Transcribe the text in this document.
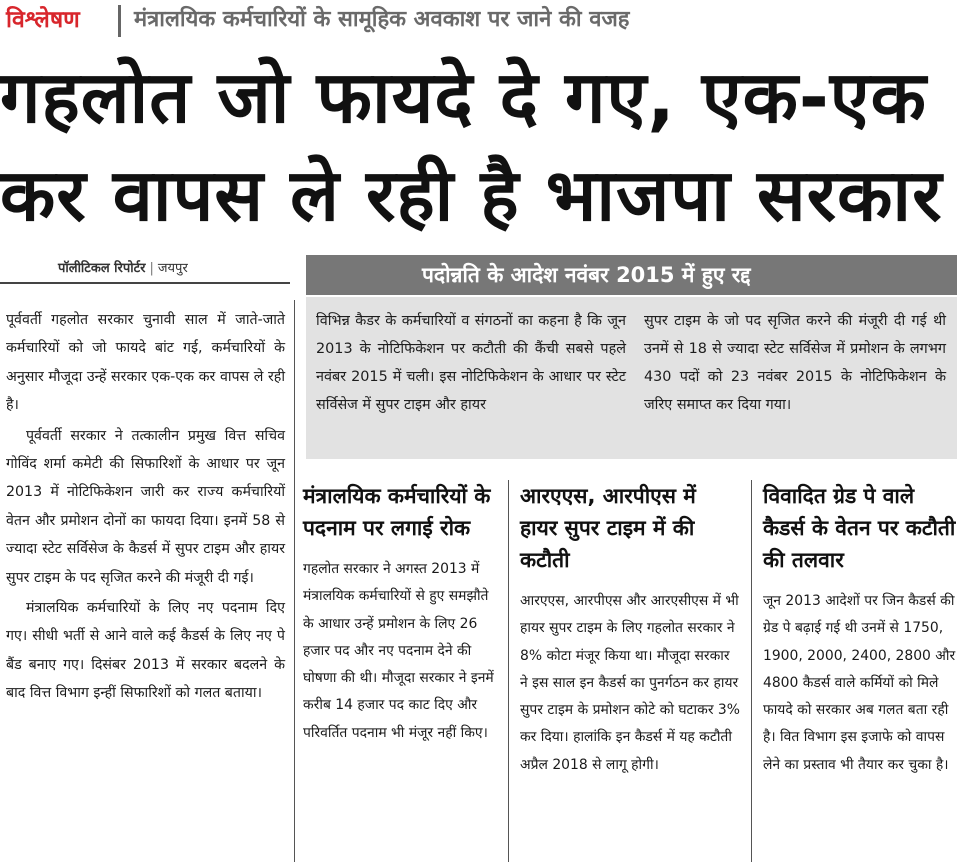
विश्लेषण मंत्रालयिक कर्मचारियों के सामूहिक अवकाश पर जाने की वजह
गहलोत जो फायदे दे गए, एक-एक
कर वापस ले रही है भाजपा सरकार
पॉलीटिकल रिपोर्टर | जयपुर	पदोन्नति के आदेश नवंबर 2015 में हुए रद्द

विभिन्न कैडर के कर्मचारियों व संगठनों का कहना है कि जून 2013 के नोटिफिकेशन पर कटौती की कैंची सबसे पहले नवंबर 2015 में चली। इस नोटिफिकेशन के आधार पर स्टेट सर्विसेज में सुपर टाइम और हायर

सुपर टाइम के जो पद सृजित करने की मंजूरी दी गई थी उनमें से 18 से ज्यादा स्टेट सर्विसेज में प्रमोशन के लगभग 430 पदों को 23 नवंबर 2015 के नोटिफिकेशन के जरिए समाप्त कर दिया गया।

पूर्ववर्ती गहलोत सरकार चुनावी साल में जाते-जाते कर्मचारियों को जो फायदे बांट गई, कर्मचारियों के अनुसार मौजूदा उन्हें सरकार एक-एक कर वापस ले रही है।

पूर्ववर्ती सरकार ने तत्कालीन प्रमुख वित्त सचिव गोविंद शर्मा कमेटी की सिफारिशों के आधार पर जून 2013 में नोटिफिकेशन जारी कर राज्य कर्मचारियों वेतन और प्रमोशन दोनों का फायदा दिया। इनमें 58 से ज्यादा स्टेट सर्विसेज के कैडर्स में सुपर टाइम और हायर सुपर टाइम के पद सृजित करने की मंजूरी दी गई।

मंत्रालयिक कर्मचारियों के लिए नए पदनाम दिए गए। सीधी भर्ती से आने वाले कई कैडर्स के लिए नए पे बैंड बनाए गए। दिसंबर 2013 में सरकार बदलने के बाद वित्त विभाग इन्हीं सिफारिशों को गलत बताया।

मंत्रालयिक कर्मचारियों के पदनाम पर लगाई रोक

गहलोत सरकार ने अगस्त 2013 में मंत्रालयिक कर्मचारियों से हुए समझौते के आधार उन्हें प्रमोशन के लिए 26 हजार पद और नए पदनाम देने की घोषणा की थी। मौजूदा सरकार ने इनमें करीब 14 हजार पद काट दिए और परिवर्तित पदनाम भी मंजूर नहीं किए।

आरएएस, आरपीएस में हायर सुपर टाइम में की कटौती

आरएएस, आरपीएस और आरएसीएस में भी हायर सुपर टाइम के लिए गहलोत सरकार ने 8% कोटा मंजूर किया था। मौजूदा सरकार ने इस साल इन कैडर्स का पुनर्गठन कर हायर सुपर टाइम के प्रमोशन कोटे को घटाकर 3% कर दिया। हालांकि इन कैडर्स में यह कटौती अप्रैल 2018 से लागू होगी।

विवादित ग्रेड पे वाले कैडर्स के वेतन पर कटौती की तलवार

जून 2013 आदेशों पर जिन कैडर्स की ग्रेड पे बढ़ाई गई थी उनमें से 1750, 1900, 2000, 2400, 2800 और 4800 कैडर्स वाले कर्मियों को मिले फायदे को सरकार अब गलत बता रही है। वित विभाग इस इजाफे को वापस लेने का प्रस्ताव भी तैयार कर चुका है।
